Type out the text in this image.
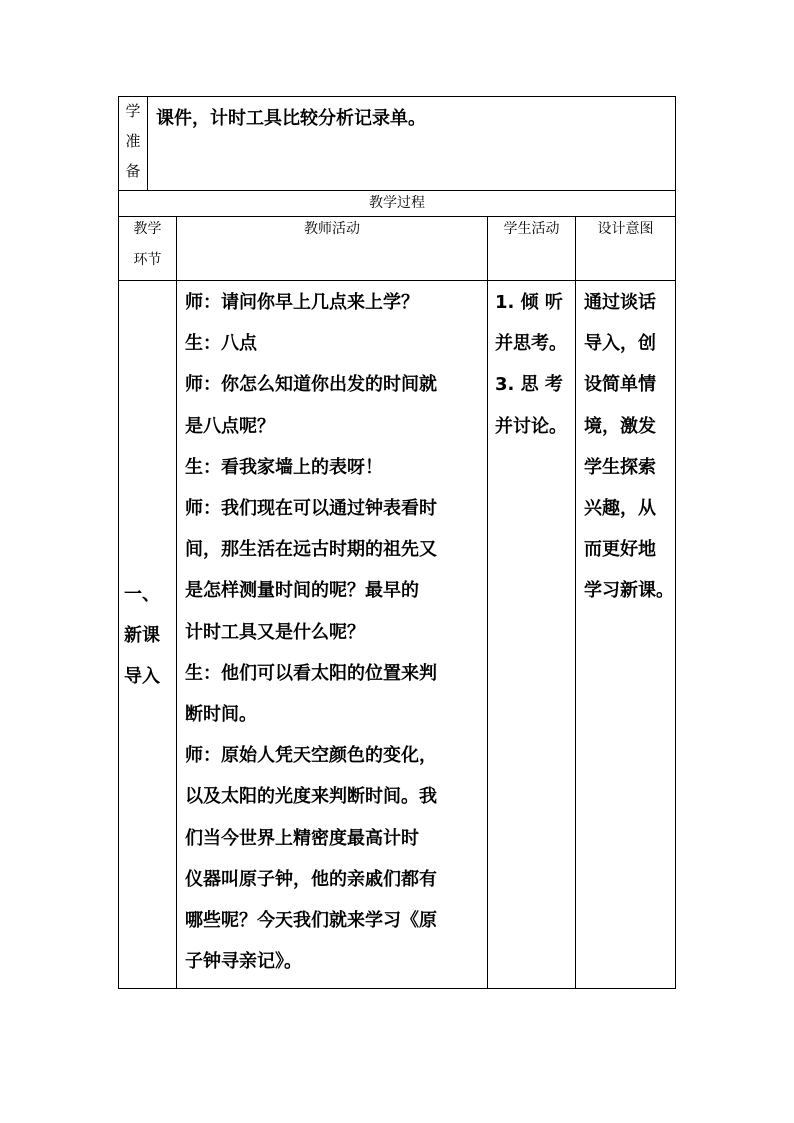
学
准
备
课件，计时工具比较分析记录单。
教学过程
教学
环节
教师活动	学生活动	设计意图
一、
新课
导入
师：请问你早上几点来上学？
生：八点
师：你怎么知道你出发的时间就
是八点呢？
生：看我家墙上的表呀！
师：我们现在可以通过钟表看时
间，那生活在远古时期的祖先又
是怎样测量时间的呢？最早的
计时工具又是什么呢？
生：他们可以看太阳的位置来判
断时间。
师：原始人凭天空颜色的变化，
以及太阳的光度来判断时间。我
们当今世界上精密度最高计时
仪器叫原子钟，他的亲戚们都有
哪些呢？今天我们就来学习《原
子钟寻亲记》。
1. 倾 听
并思考。
3. 思 考
并讨论。
通过谈话
导入，创
设简单情
境，激发
学生探索
兴趣，从
而更好地
学习新课。
